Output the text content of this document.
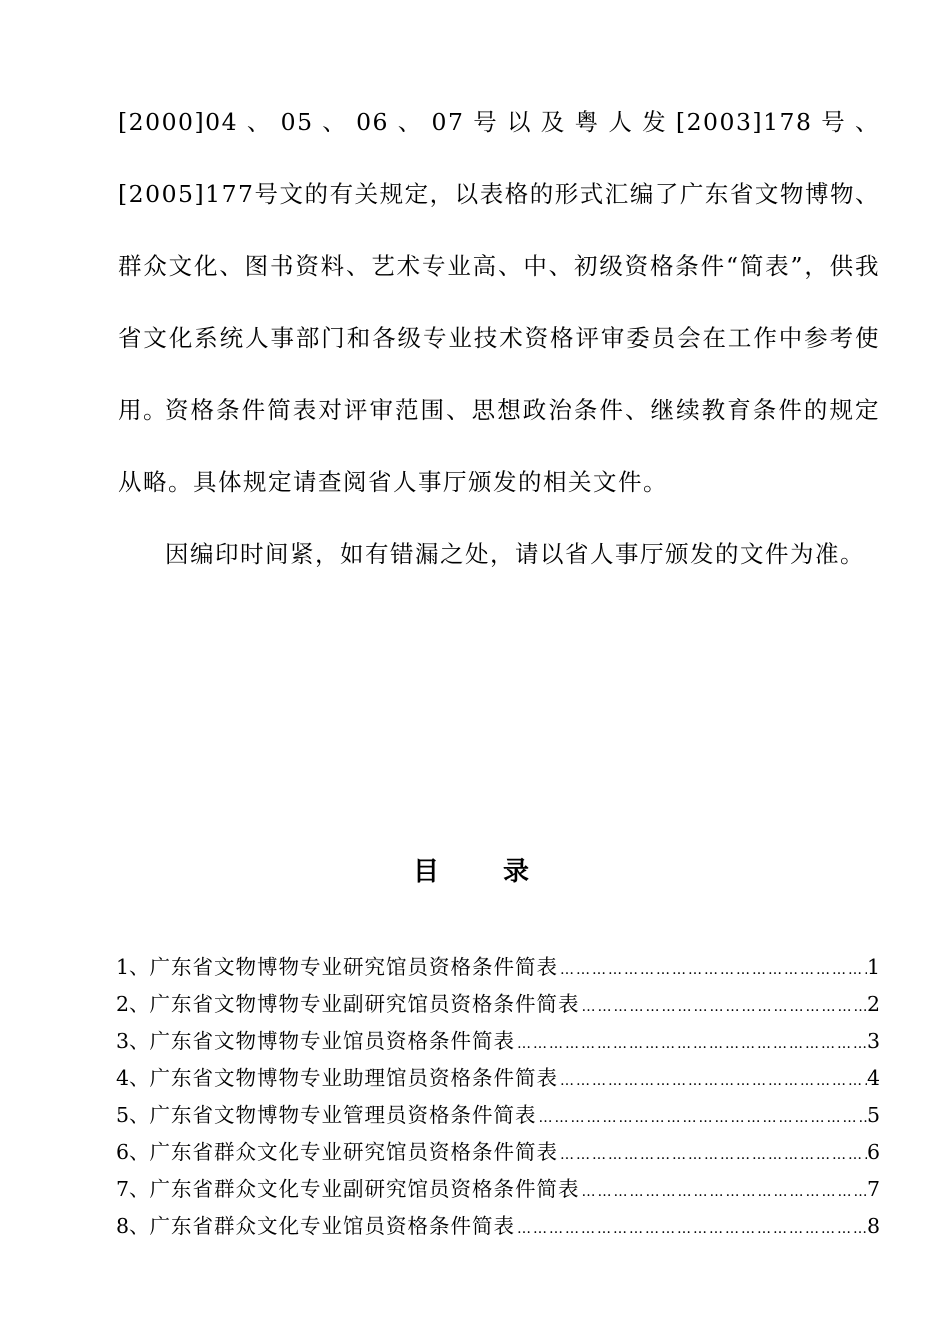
[2000]04、05、06、07号以及粤人发[2003]178号、[2005]177号文的有关规定，以表格的形式汇编了广东省文物博物、群众文化、图书资料、艺术专业高、中、初级资格条件“简表”，供我省文化系统人事部门和各级专业技术资格评审委员会在工作中参考使用。

资格条件简表对评审范围、思想政治条件、继续教育条件的规定从略。具体规定请查阅省人事厅颁发的相关文件。

因编印时间紧，如有错漏之处，请以省人事厅颁发的文件为准。

目录
1、 广东省文物博物专业研究馆员资格条件简表 ……………………………………………………………………………………………………………………………………………………	1
2、 广东省文物博物专业副研究馆员资格条件简表 ……………………………………………………………………………………………………………………………………………………	2
3、 广东省文物博物专业馆员资格条件简表 ……………………………………………………………………………………………………………………………………………………	3
4、 广东省文物博物专业助理馆员资格条件简表 ……………………………………………………………………………………………………………………………………………………	4
5、 广东省文物博物专业管理员资格条件简表 ……………………………………………………………………………………………………………………………………………………	5
6、 广东省群众文化专业研究馆员资格条件简表 ……………………………………………………………………………………………………………………………………………………	6
7、 广东省群众文化专业副研究馆员资格条件简表 ……………………………………………………………………………………………………………………………………………………	7
8、 广东省群众文化专业馆员资格条件简表 ……………………………………………………………………………………………………………………………………………………	8
